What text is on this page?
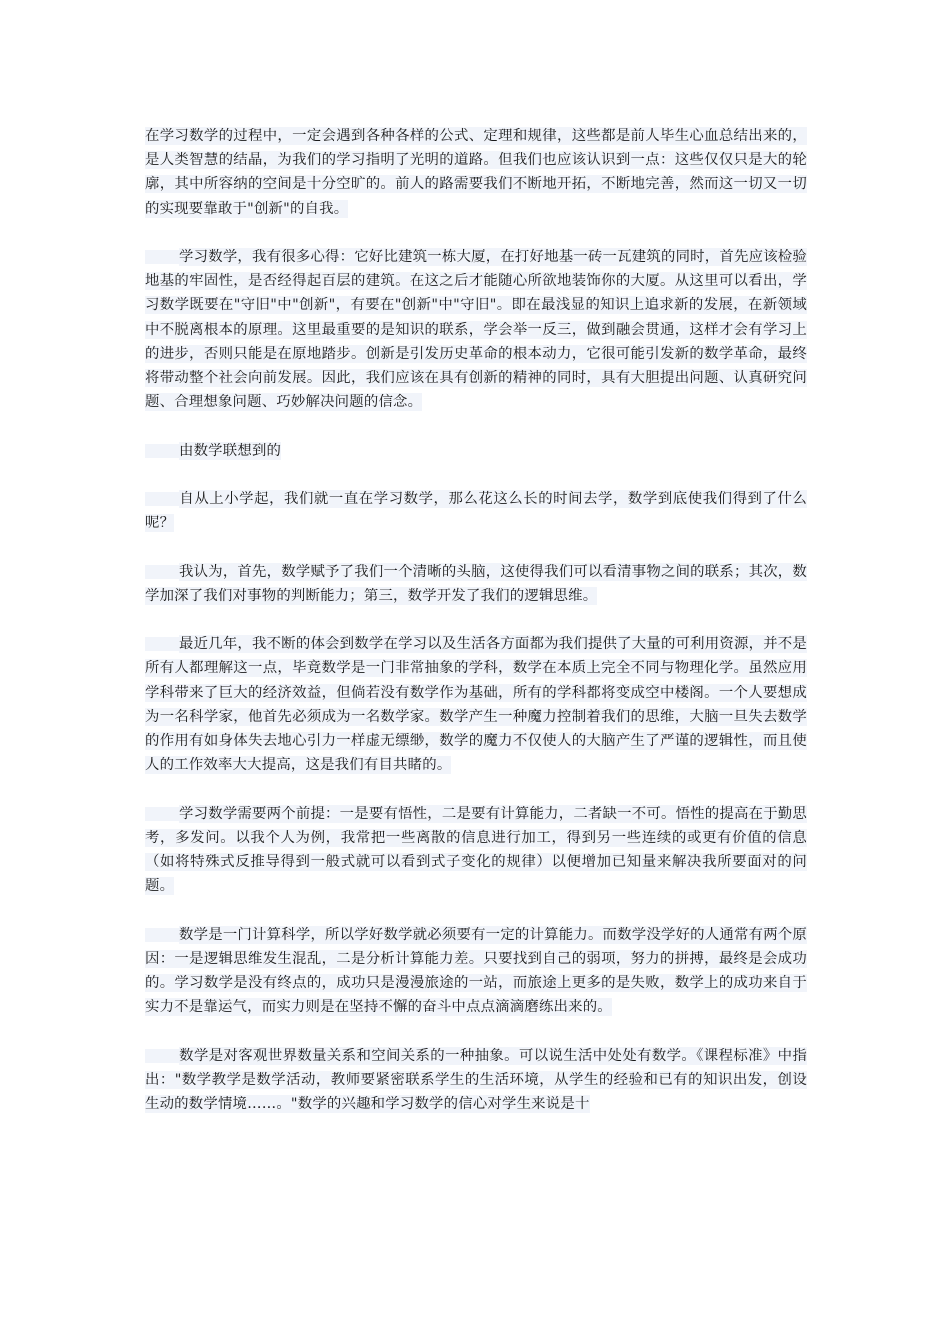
在学习数学的过程中，一定会遇到各种各样的公式、定理和规律，这些都是前人毕生心血总结出来的，是人类智慧的结晶，为我们的学习指明了光明的道路。但我们也应该认识到一点：这些仅仅只是大的轮廓，其中所容纳的空间是十分空旷的。前人的路需要我们不断地开拓，不断地完善，然而这一切又一切的实现要靠敢于"创新"的自我。

学习数学，我有很多心得：它好比建筑一栋大厦，在打好地基一砖一瓦建筑的同时，首先应该检验地基的牢固性，是否经得起百层的建筑。在这之后才能随心所欲地装饰你的大厦。从这里可以看出，学习数学既要在"守旧"中"创新"，有要在"创新"中"守旧"。即在最浅显的知识上追求新的发展，在新领域中不脱离根本的原理。这里最重要的是知识的联系，学会举一反三，做到融会贯通，这样才会有学习上的进步，否则只能是在原地踏步。创新是引发历史革命的根本动力，它很可能引发新的数学革命，最终将带动整个社会向前发展。因此，我们应该在具有创新的精神的同时，具有大胆提出问题、认真研究问题、合理想象问题、巧妙解决问题的信念。

由数学联想到的

自从上小学起，我们就一直在学习数学，那么花这么长的时间去学，数学到底使我们得到了什么呢？

我认为，首先，数学赋予了我们一个清晰的头脑，这使得我们可以看清事物之间的联系；其次，数学加深了我们对事物的判断能力；第三，数学开发了我们的逻辑思维。

最近几年，我不断的体会到数学在学习以及生活各方面都为我们提供了大量的可利用资源，并不是所有人都理解这一点，毕竟数学是一门非常抽象的学科，数学在本质上完全不同与物理化学。虽然应用学科带来了巨大的经济效益，但倘若没有数学作为基础，所有的学科都将变成空中楼阁。一个人要想成为一名科学家，他首先必须成为一名数学家。数学产生一种魔力控制着我们的思维，大脑一旦失去数学的作用有如身体失去地心引力一样虚无缥缈，数学的魔力不仅使人的大脑产生了严谨的逻辑性，而且使人的工作效率大大提高，这是我们有目共睹的。

学习数学需要两个前提：一是要有悟性，二是要有计算能力，二者缺一不可。悟性的提高在于勤思考，多发问。以我个人为例，我常把一些离散的信息进行加工，得到另一些连续的或更有价值的信息（如将特殊式反推导得到一般式就可以看到式子变化的规律）以便增加已知量来解决我所要面对的问题。

数学是一门计算科学，所以学好数学就必须要有一定的计算能力。而数学没学好的人通常有两个原因：一是逻辑思维发生混乱，二是分析计算能力差。只要找到自己的弱项，努力的拼搏，最终是会成功的。学习数学是没有终点的，成功只是漫漫旅途的一站，而旅途上更多的是失败，数学上的成功来自于实力不是靠运气，而实力则是在坚持不懈的奋斗中点点滴滴磨练出来的。

数学是对客观世界数量关系和空间关系的一种抽象。可以说生活中处处有数学。《课程标准》中指出："数学教学是数学活动，教师要紧密联系学生的生活环境，从学生的经验和已有的知识出发，创设生动的数学情境……。"数学的兴趣和学习数学的信心对学生来说是十
